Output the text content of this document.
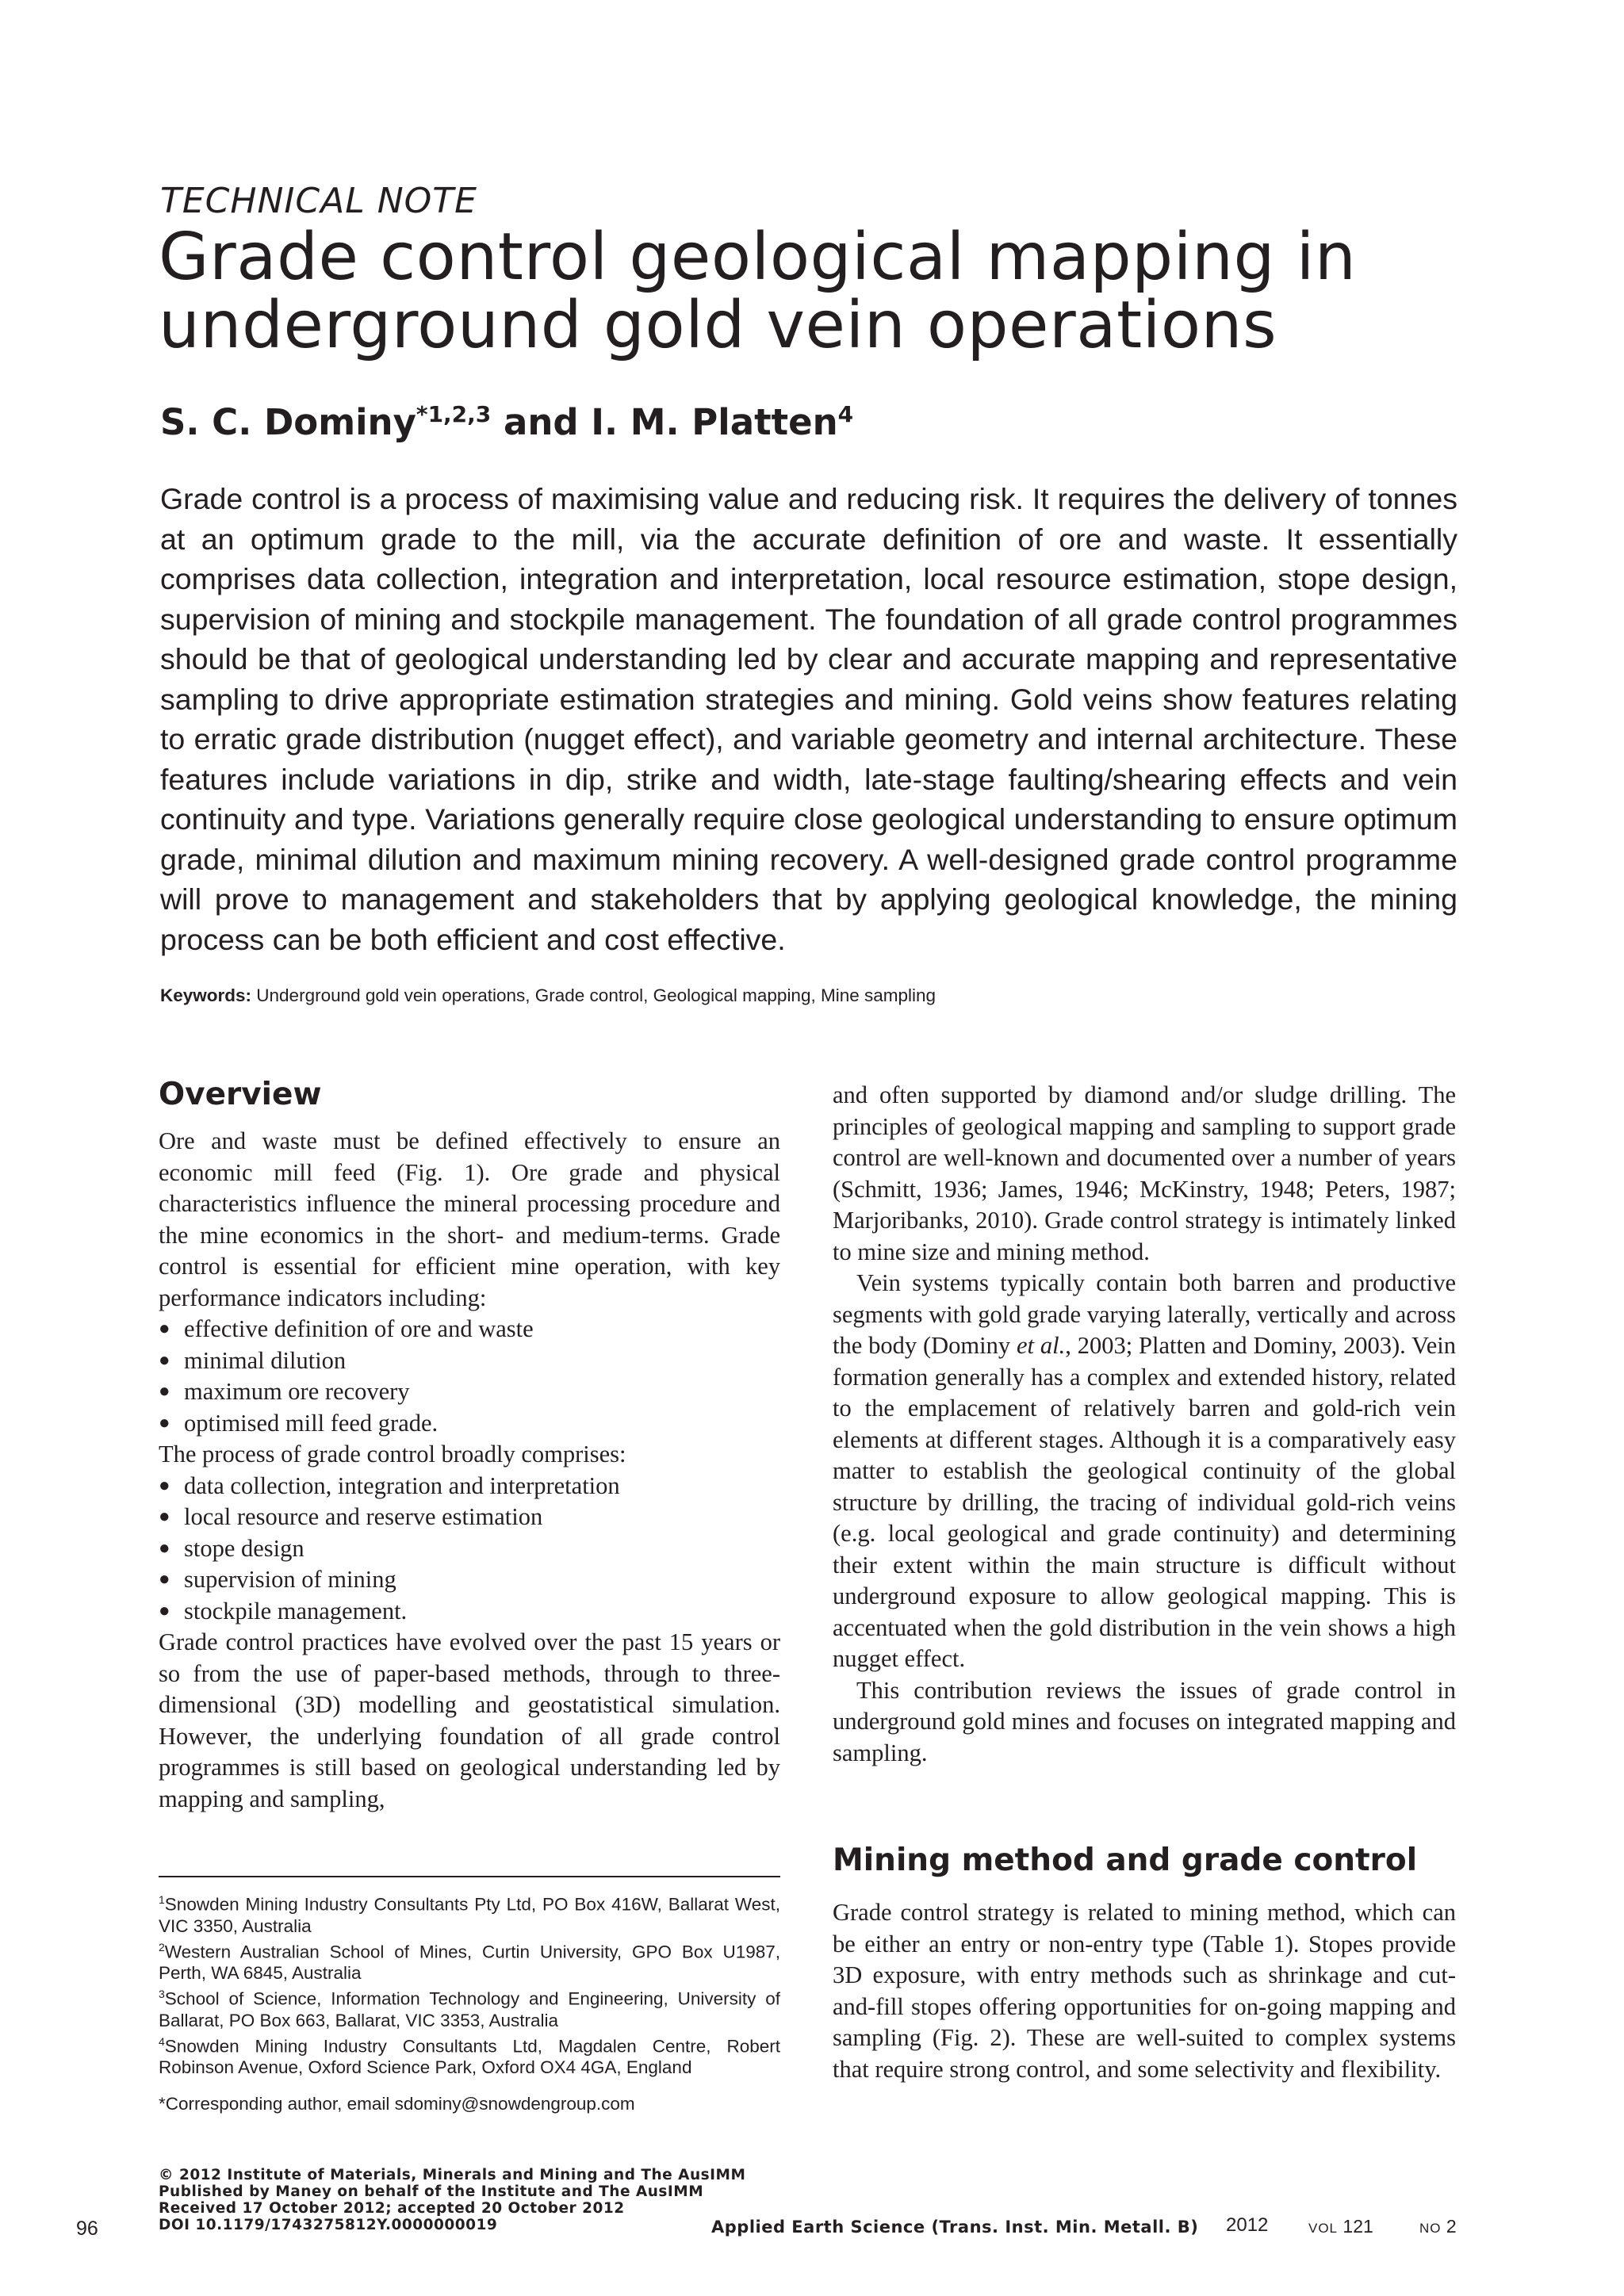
TECHNICAL NOTE
Grade control geological mapping in
underground gold vein operations
S. C. Dominy$^{*1,2,3}$ and I. M. Platten$^4$
Grade control is a process of maximising value and reducing risk. It requires the delivery of tonnes at an optimum grade to the mill, via the accurate definition of ore and waste. It essentially comprises data collection, integration and interpretation, local resource estimation, stope design, supervision of mining and stockpile management. The foundation of all grade control programmes should be that of geological understanding led by clear and accurate mapping and representative sampling to drive appropriate estimation strategies and mining. Gold veins show features relating to erratic grade distribution (nugget effect), and variable geometry and internal architecture. These features include variations in dip, strike and width, late-stage faulting/shearing effects and vein continuity and type. Variations generally require close geological understanding to ensure optimum grade, minimal dilution and maximum mining recovery. A well-designed grade control programme will prove to management and stakeholders that by applying geological knowledge, the mining process can be both efficient and cost effective.
Keywords: Underground gold vein operations, Grade control, Geological mapping, Mine sampling
Overview

Ore and waste must be defined effectively to ensure an economic mill feed (Fig. 1). Ore grade and physical characteristics influence the mineral processing procedure and the mine economics in the short- and medium-terms. Grade control is essential for efficient mine operation, with key performance indicators including:

● effective definition of ore and waste
● minimal dilution
● maximum ore recovery
● optimised mill feed grade.

The process of grade control broadly comprises:

● data collection, integration and interpretation
● local resource and reserve estimation
● stope design
● supervision of mining
● stockpile management.

Grade control practices have evolved over the past 15 years or so from the use of paper-based methods, through to three-dimensional (3D) modelling and geostatistical simulation. However, the underlying foundation of all grade control programmes is still based on geological understanding led by mapping and sampling,

$^1$Snowden Mining Industry Consultants Pty Ltd, PO Box 416W, Ballarat West, VIC 3350, Australia

$^2$Western Australian School of Mines, Curtin University, GPO Box U1987, Perth, WA 6845, Australia

$^3$School of Science, Information Technology and Engineering, University of Ballarat, PO Box 663, Ballarat, VIC 3353, Australia

$^4$Snowden Mining Industry Consultants Ltd, Magdalen Centre, Robert Robinson Avenue, Oxford Science Park, Oxford OX4 4GA, England

*Corresponding author, email sdominy@snowdengroup.com

and often supported by diamond and/or sludge drilling. The principles of geological mapping and sampling to support grade control are well-known and documented over a number of years (Schmitt, 1936; James, 1946; McKinstry, 1948; Peters, 1987; Marjoribanks, 2010). Grade control strategy is intimately linked to mine size and mining method.

Vein systems typically contain both barren and productive segments with gold grade varying laterally, vertically and across the body (Dominy et al., 2003; Platten and Dominy, 2003). Vein formation generally has a complex and extended history, related to the emplacement of relatively barren and gold-rich vein elements at different stages. Although it is a comparatively easy matter to establish the geological continuity of the global structure by drilling, the tracing of individual gold-rich veins (e.g. local geological and grade continuity) and determining their extent within the main structure is difficult without underground exposure to allow geological mapping. This is accentuated when the gold distribution in the vein shows a high nugget effect.

This contribution reviews the issues of grade control in underground gold mines and focuses on integrated mapping and sampling.

Mining method and grade control

Grade control strategy is related to mining method, which can be either an entry or non-entry type (Table 1). Stopes provide 3D exposure, with entry methods such as shrinkage and cut-and-fill stopes offering opportunities for on-going mapping and sampling (Fig. 2). These are well-suited to complex systems that require strong control, and some selectivity and flexibility.

© 2012 Institute of Materials, Minerals and Mining and The AusIMM
Published by Maney on behalf of the Institute and The AusIMM
Received 17 October 2012; accepted 20 October 2012
DOI 10.1179/1743275812Y.0000000019
96	Applied Earth Science (Trans. Inst. Min. Metall. B) 2012	VOL 121	NO 2
